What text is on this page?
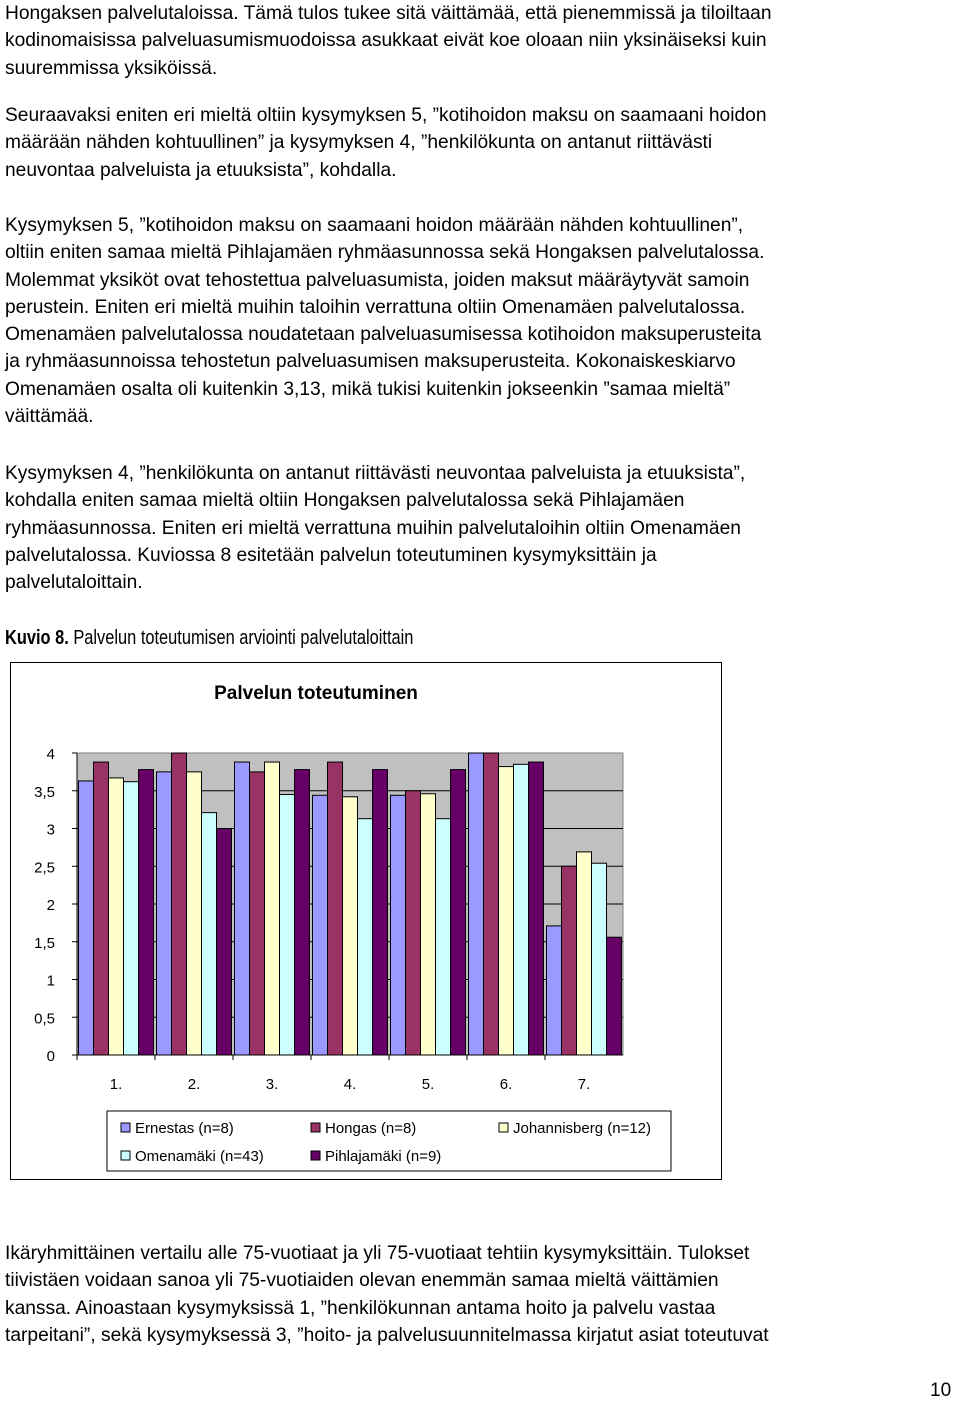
Hongaksen palvelutaloissa. Tämä tulos tukee sitä väittämää, että pienemmissä ja tiloiltaan
kodinomaisissa palveluasumismuodoissa asukkaat eivät koe oloaan niin yksinäiseksi kuin
suuremmissa yksiköissä.
Seuraavaksi eniten eri mieltä oltiin kysymyksen 5, ”kotihoidon maksu on saamaani hoidon
määrään nähden kohtuullinen” ja kysymyksen 4, ”henkilökunta on antanut riittävästi
neuvontaa palveluista ja etuuksista”, kohdalla.
Kysymyksen 5, ”kotihoidon maksu on saamaani hoidon määrään nähden kohtuullinen”,
oltiin eniten samaa mieltä Pihlajamäen ryhmäasunnossa sekä Hongaksen palvelutalossa.
Molemmat yksiköt ovat tehostettua palveluasumista, joiden maksut määräytyvät samoin
perustein. Eniten eri mieltä muihin taloihin verrattuna oltiin Omenamäen palvelutalossa.
Omenamäen palvelutalossa noudatetaan palveluasumisessa kotihoidon maksuperusteita
ja ryhmäasunnoissa tehostetun palveluasumisen maksuperusteita. Kokonaiskeskiarvo
Omenamäen osalta oli kuitenkin 3,13, mikä tukisi kuitenkin jokseenkin ”samaa mieltä”
väittämää.
Kysymyksen 4, ”henkilökunta on antanut riittävästi neuvontaa palveluista ja etuuksista”,
kohdalla eniten samaa mieltä oltiin Hongaksen palvelutalossa sekä Pihlajamäen
ryhmäasunnossa. Eniten eri mieltä verrattuna muihin palvelutaloihin oltiin Omenamäen
palvelutalossa. Kuviossa 8 esitetään palvelun toteutuminen kysymyksittäin ja
palvelutaloittain.
Ikäryhmittäinen vertailu alle 75-vuotiaat ja yli 75-vuotiaat tehtiin kysymyksittäin. Tulokset
tiivistäen voidaan sanoa yli 75-vuotiaiden olevan enemmän samaa mieltä väittämien
kanssa. Ainoastaan kysymyksissä 1, ”henkilökunnan antama hoito ja palvelu vastaa
tarpeitani”, sekä kysymyksessä 3, ”hoito- ja palvelusuunnitelmassa kirjatut asiat toteutuvat
Kuvio 8. Palvelun toteutumisen arviointi palvelutaloittain
Palvelun toteutuminen
0
0,5
1
1,5
2
2,5
3
3,5
4
1.	2.	3.	4.	5.	6.	7.
Ernestas (n=8)	Hongas (n=8)	Johannisberg (n=12)
Omenamäki (n=43)	Pihlajamäki (n=9)
10
